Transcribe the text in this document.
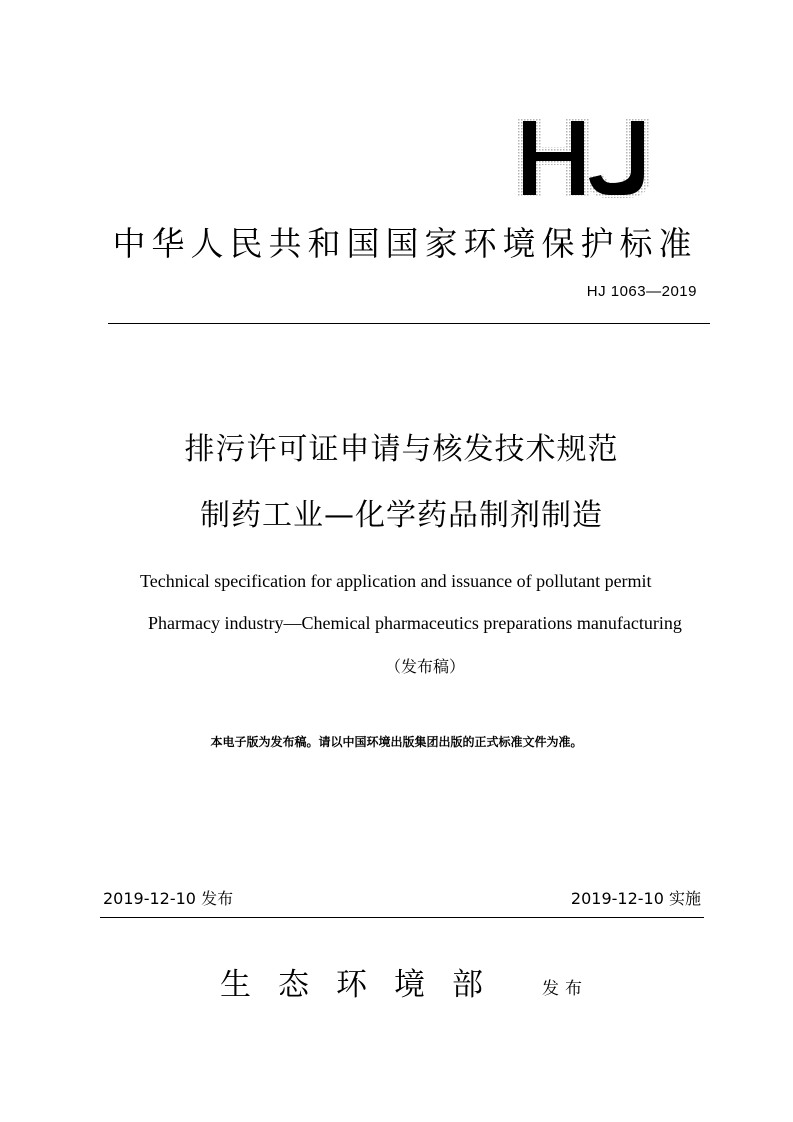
中华人民共和国国家环境保护标准
HJ 1063—2019
排污许可证申请与核发技术规范
制药工业—化学药品制剂制造
Technical specification for application and issuance of pollutant permit
Pharmacy industry—Chemical pharmaceutics preparations manufacturing
（发布稿）
本电子版为发布稿。请以中国环境出版集团出版的正式标准文件为准。
2019-12-10 发布	2019-12-10 实施
生态环境部 发布
